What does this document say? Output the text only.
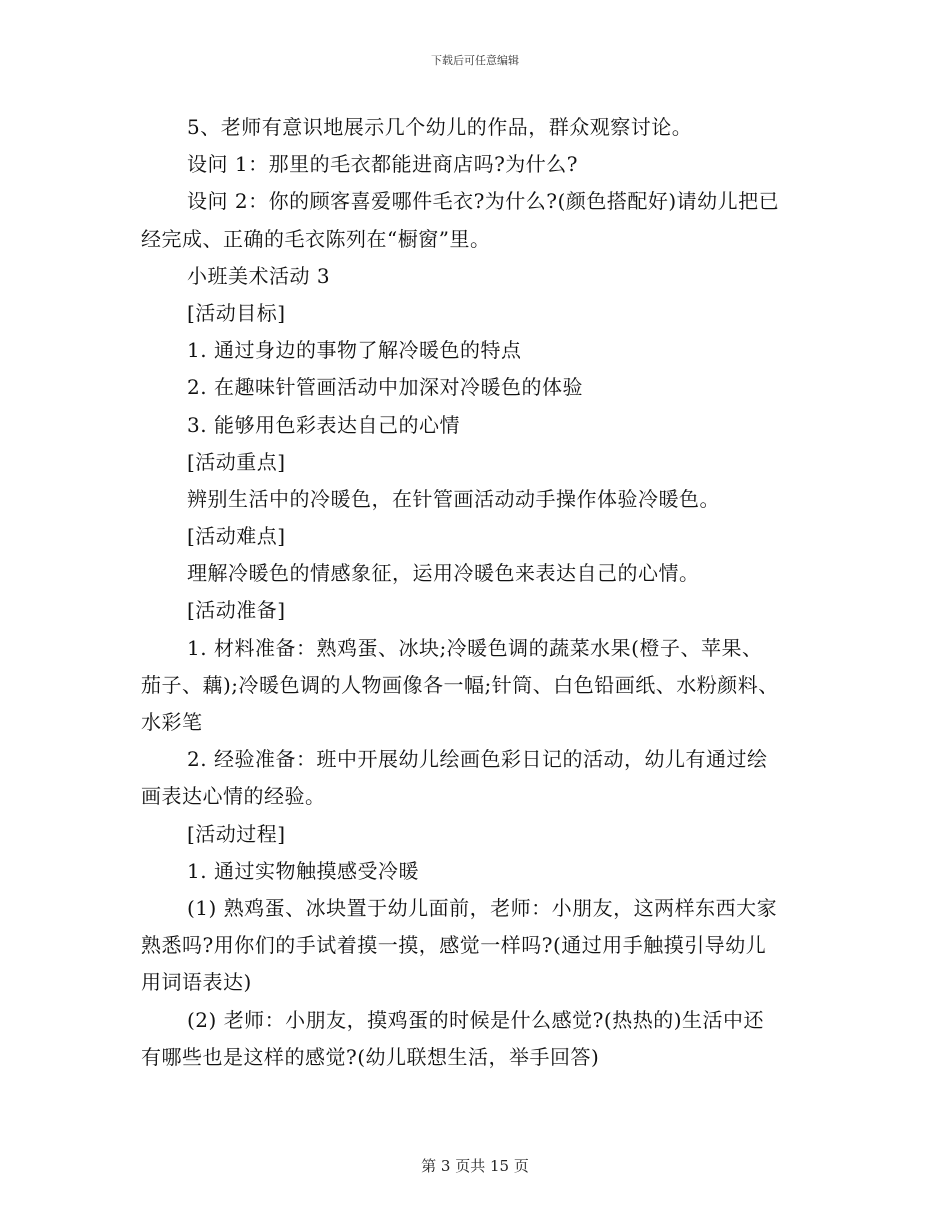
下载后可任意编辑
5、老师有意识地展示几个幼儿的作品，群众观察讨论。
设问 1：那里的毛衣都能进商店吗?为什么?
设问 2：你的顾客喜爱哪件毛衣?为什么?(颜色搭配好)请幼儿把已
经完成、正确的毛衣陈列在“橱窗”里。
小班美术活动 3
[活动目标]
1. 通过身边的事物了解冷暖色的特点
2. 在趣味针管画活动中加深对冷暖色的体验
3. 能够用色彩表达自己的心情
[活动重点]
辨别生活中的冷暖色，在针管画活动动手操作体验冷暖色。
[活动难点]
理解冷暖色的情感象征，运用冷暖色来表达自己的心情。
[活动准备]
1. 材料准备：熟鸡蛋、冰块;冷暖色调的蔬菜水果(橙子、苹果、
茄子、藕);冷暖色调的人物画像各一幅;针筒、白色铅画纸、水粉颜料、
水彩笔
2. 经验准备：班中开展幼儿绘画色彩日记的活动，幼儿有通过绘
画表达心情的经验。
[活动过程]
1. 通过实物触摸感受冷暖
(1) 熟鸡蛋、冰块置于幼儿面前，老师：小朋友，这两样东西大家
熟悉吗?用你们的手试着摸一摸，感觉一样吗?(通过用手触摸引导幼儿
用词语表达)
(2) 老师：小朋友，摸鸡蛋的时候是什么感觉?(热热的)生活中还
有哪些也是这样的感觉?(幼儿联想生活，举手回答)
第 3 页共 15 页
